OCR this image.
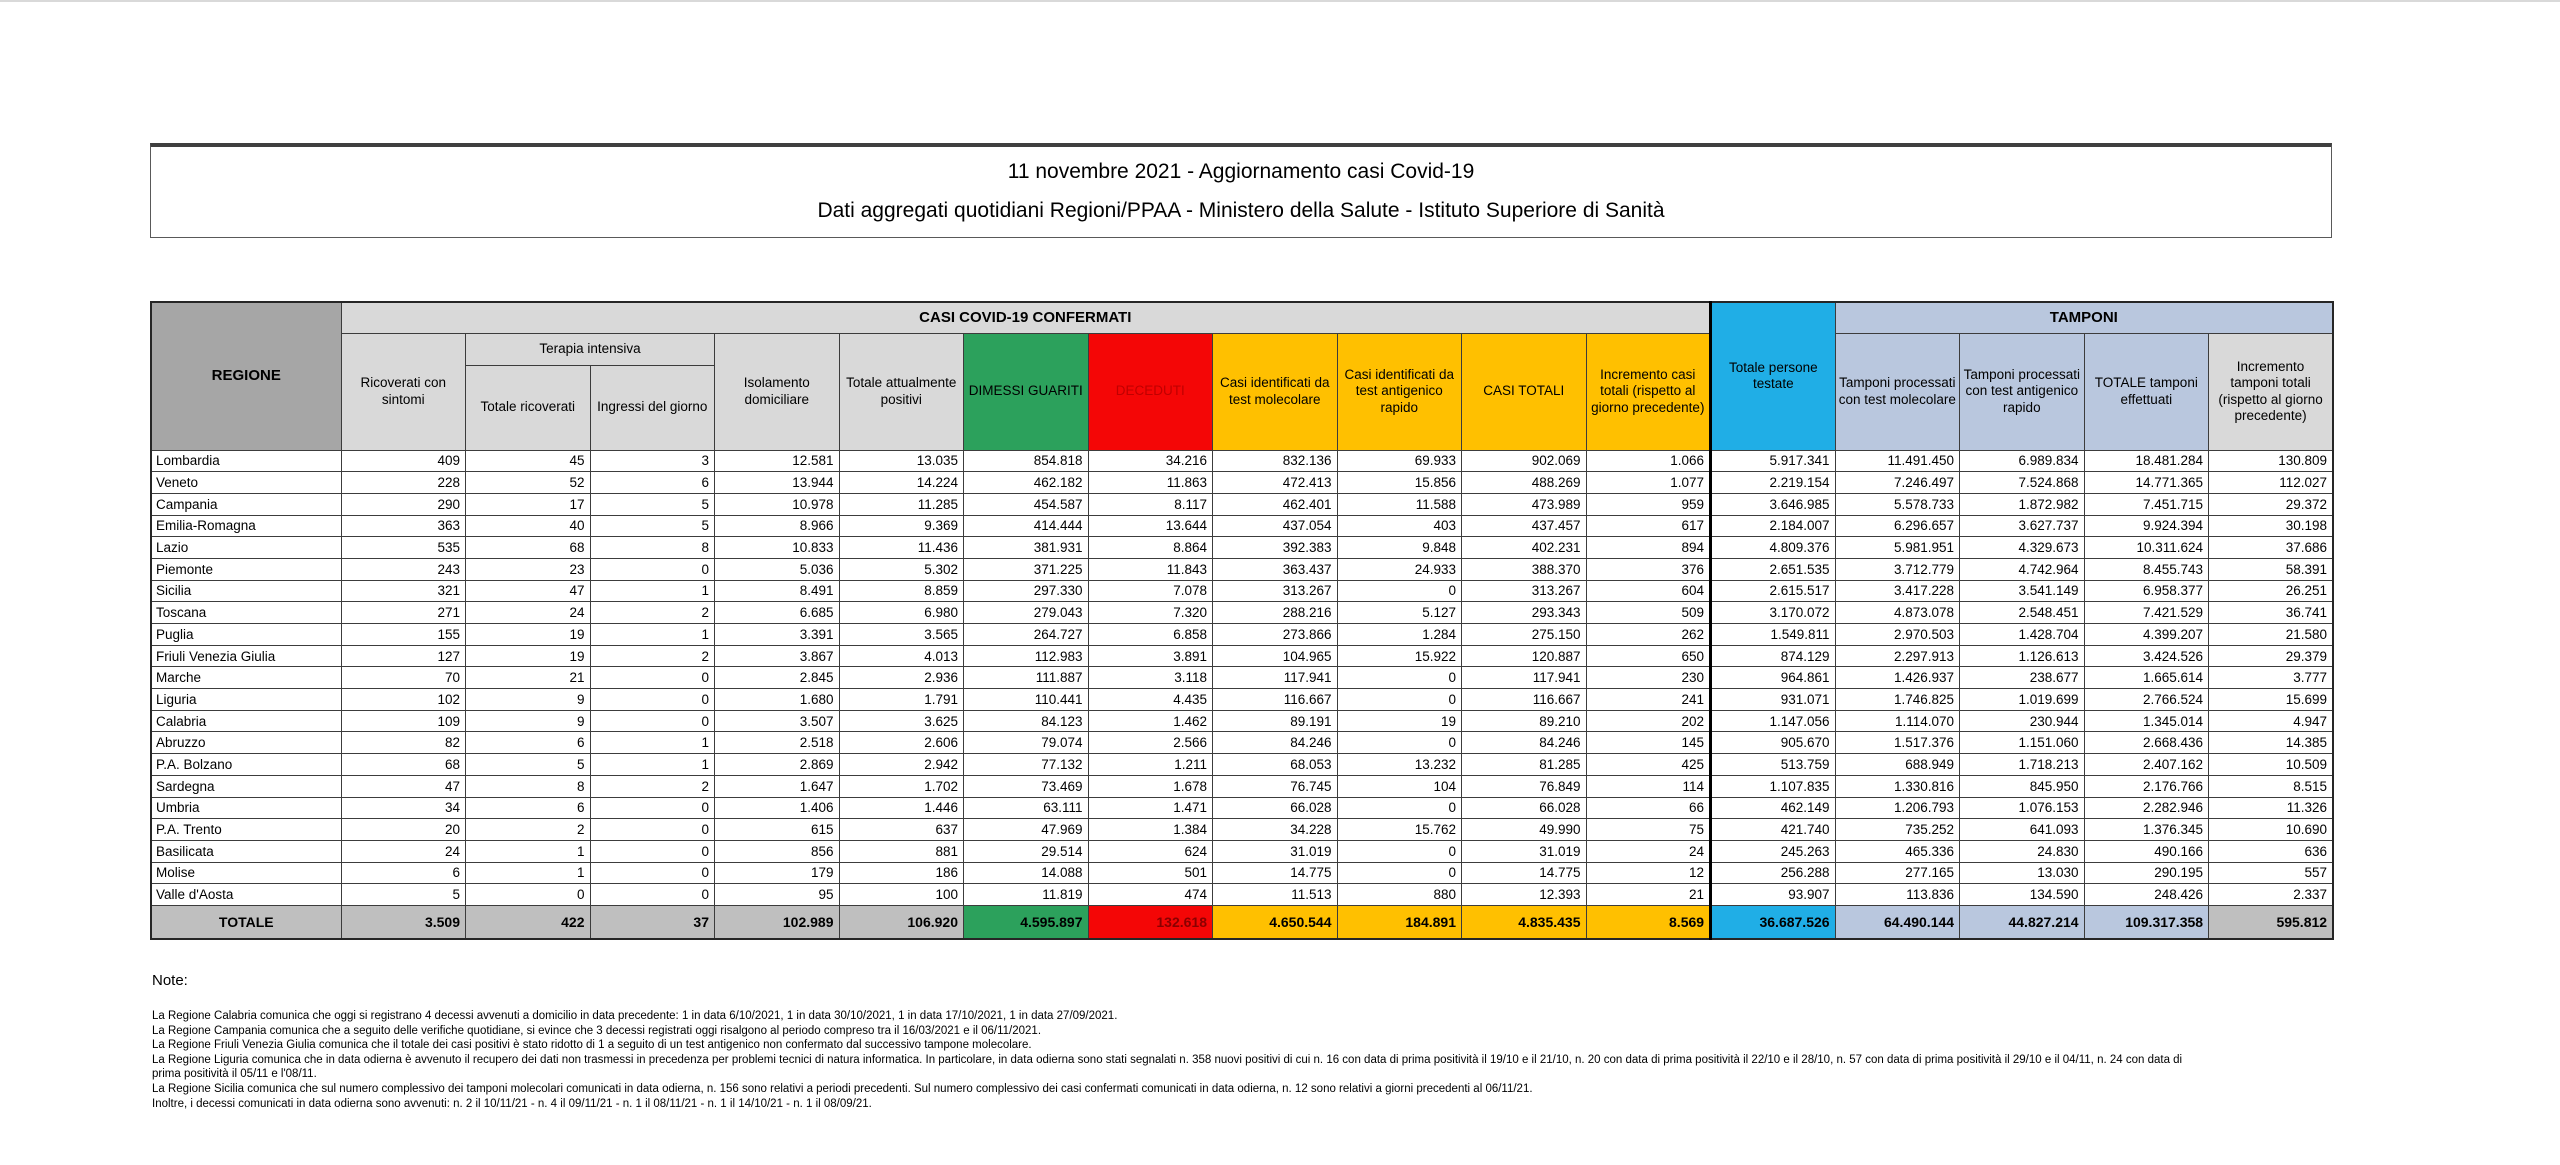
11 novembre 2021 - Aggiornamento casi Covid-19
Dati aggregati quotidiani Regioni/PPAA - Ministero della Salute - Istituto Superiore di Sanità
REGIONE	CASI COVID-19 CONFERMATI											Totale persone testate	TAMPONI			
	Ricoverati con sintomi	Terapia intensiva		Isolamento domiciliare	Totale attualmente positivi	DIMESSI GUARITI	DECEDUTI	Casi identificati da test molecolare	Casi identificati da test antigenico rapido	CASI TOTALI	Incremento casi totali (rispetto al giorno precedente)		Tamponi processati con test molecolare	Tamponi processati con test antigenico rapido	TOTALE tamponi effettuati	Incremento tamponi totali (rispetto al giorno precedente)
		Totale ricoverati	Ingressi del giorno													
Lombardia	409	45	3	12.581	13.035	854.818	34.216	832.136	69.933	902.069	1.066	5.917.341	11.491.450	6.989.834	18.481.284	130.809
Veneto	228	52	6	13.944	14.224	462.182	11.863	472.413	15.856	488.269	1.077	2.219.154	7.246.497	7.524.868	14.771.365	112.027
Campania	290	17	5	10.978	11.285	454.587	8.117	462.401	11.588	473.989	959	3.646.985	5.578.733	1.872.982	7.451.715	29.372
Emilia-Romagna	363	40	5	8.966	9.369	414.444	13.644	437.054	403	437.457	617	2.184.007	6.296.657	3.627.737	9.924.394	30.198
Lazio	535	68	8	10.833	11.436	381.931	8.864	392.383	9.848	402.231	894	4.809.376	5.981.951	4.329.673	10.311.624	37.686
Piemonte	243	23	0	5.036	5.302	371.225	11.843	363.437	24.933	388.370	376	2.651.535	3.712.779	4.742.964	8.455.743	58.391
Sicilia	321	47	1	8.491	8.859	297.330	7.078	313.267	0	313.267	604	2.615.517	3.417.228	3.541.149	6.958.377	26.251
Toscana	271	24	2	6.685	6.980	279.043	7.320	288.216	5.127	293.343	509	3.170.072	4.873.078	2.548.451	7.421.529	36.741
Puglia	155	19	1	3.391	3.565	264.727	6.858	273.866	1.284	275.150	262	1.549.811	2.970.503	1.428.704	4.399.207	21.580
Friuli Venezia Giulia	127	19	2	3.867	4.013	112.983	3.891	104.965	15.922	120.887	650	874.129	2.297.913	1.126.613	3.424.526	29.379
Marche	70	21	0	2.845	2.936	111.887	3.118	117.941	0	117.941	230	964.861	1.426.937	238.677	1.665.614	3.777
Liguria	102	9	0	1.680	1.791	110.441	4.435	116.667	0	116.667	241	931.071	1.746.825	1.019.699	2.766.524	15.699
Calabria	109	9	0	3.507	3.625	84.123	1.462	89.191	19	89.210	202	1.147.056	1.114.070	230.944	1.345.014	4.947
Abruzzo	82	6	1	2.518	2.606	79.074	2.566	84.246	0	84.246	145	905.670	1.517.376	1.151.060	2.668.436	14.385
P.A. Bolzano	68	5	1	2.869	2.942	77.132	1.211	68.053	13.232	81.285	425	513.759	688.949	1.718.213	2.407.162	10.509
Sardegna	47	8	2	1.647	1.702	73.469	1.678	76.745	104	76.849	114	1.107.835	1.330.816	845.950	2.176.766	8.515
Umbria	34	6	0	1.406	1.446	63.111	1.471	66.028	0	66.028	66	462.149	1.206.793	1.076.153	2.282.946	11.326
P.A. Trento	20	2	0	615	637	47.969	1.384	34.228	15.762	49.990	75	421.740	735.252	641.093	1.376.345	10.690
Basilicata	24	1	0	856	881	29.514	624	31.019	0	31.019	24	245.263	465.336	24.830	490.166	636
Molise	6	1	0	179	186	14.088	501	14.775	0	14.775	12	256.288	277.165	13.030	290.195	557
Valle d'Aosta	5	0	0	95	100	11.819	474	11.513	880	12.393	21	93.907	113.836	134.590	248.426	2.337
TOTALE	3.509	422	37	102.989	106.920	4.595.897	132.618	4.650.544	184.891	4.835.435	8.569	36.687.526	64.490.144	44.827.214	109.317.358	595.812
Note:
La Regione Calabria comunica che oggi si registrano 4 decessi avvenuti a domicilio in data precedente: 1 in data 6/10/2021, 1 in data 30/10/2021, 1 in data 17/10/2021, 1 in data 27/09/2021.
La Regione Campania comunica che a seguito delle verifiche quotidiane, si evince che 3 decessi registrati oggi risalgono al periodo compreso tra il 16/03/2021 e il 06/11/2021.
La Regione Friuli Venezia Giulia comunica che il totale dei casi positivi è stato ridotto di 1 a seguito di un test antigenico non confermato dal successivo tampone molecolare.
La Regione Liguria comunica che in data odierna è avvenuto il recupero dei dati non trasmessi in precedenza per problemi tecnici di natura informatica. In particolare, in data odierna sono stati segnalati n. 358 nuovi positivi di cui n. 16 con data di prima positività il 19/10 e il 21/10, n. 20 con data di prima positività il 22/10 e il 28/10, n. 57 con data di prima positività il 29/10 e il 04/11, n. 24 con data di
prima positività il 05/11 e l'08/11.
La Regione Sicilia comunica che sul numero complessivo dei tamponi molecolari comunicati in data odierna, n. 156 sono relativi a periodi precedenti. Sul numero complessivo dei casi confermati comunicati in data odierna, n. 12 sono relativi a giorni precedenti al 06/11/21.
Inoltre, i decessi comunicati in data odierna sono avvenuti: n. 2 il 10/11/21 - n. 4 il 09/11/21 - n. 1 il 08/11/21 - n. 1 il 14/10/21 - n. 1 il 08/09/21.
